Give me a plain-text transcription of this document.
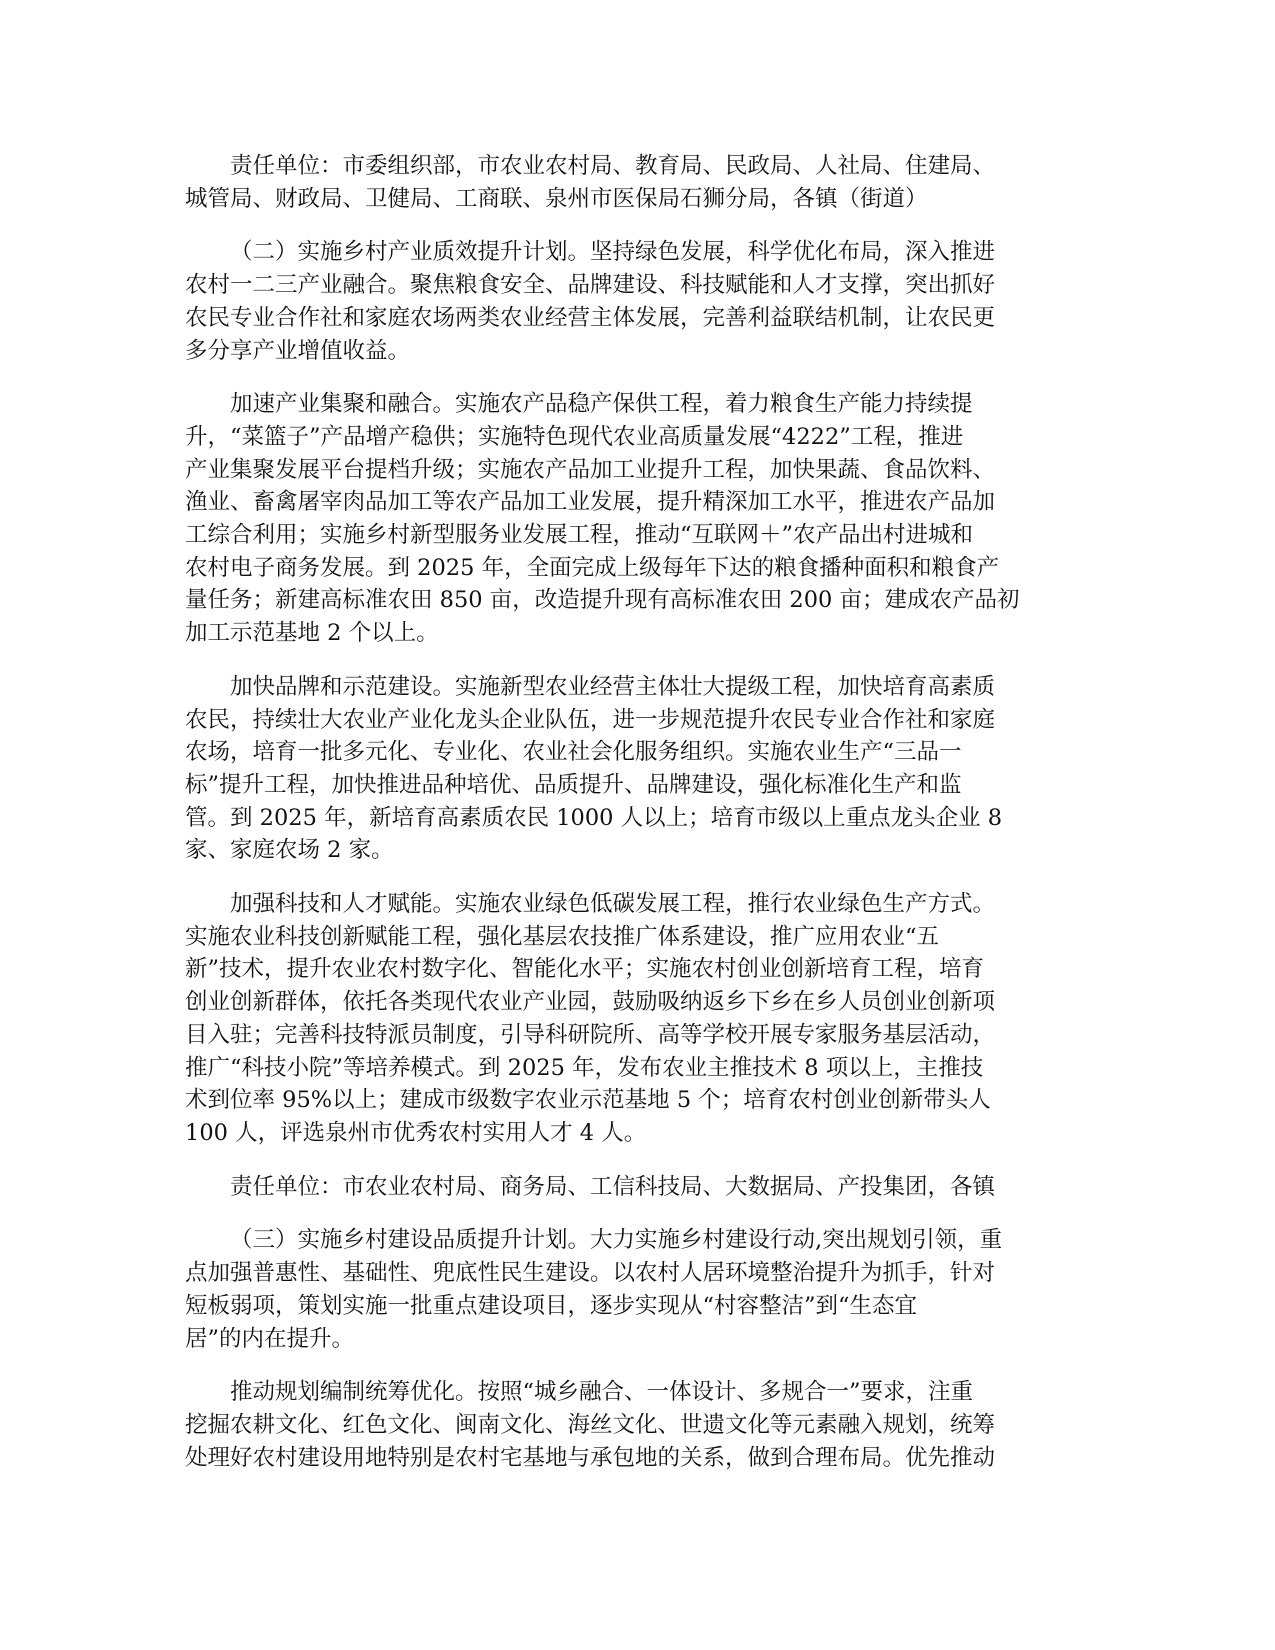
责任单位：市委组织部，市农业农村局、教育局、民政局、人社局、住建局、
城管局、财政局、卫健局、工商联、泉州市医保局石狮分局，各镇（街道）

（二）实施乡村产业质效提升计划。坚持绿色发展，科学优化布局，深入推进
农村一二三产业融合。聚焦粮食安全、品牌建设、科技赋能和人才支撑，突出抓好
农民专业合作社和家庭农场两类农业经营主体发展，完善利益联结机制，让农民更
多分享产业增值收益。

加速产业集聚和融合。实施农产品稳产保供工程，着力粮食生产能力持续提
升，“菜篮子”产品增产稳供；实施特色现代农业高质量发展“4222”工程，推进
产业集聚发展平台提档升级；实施农产品加工业提升工程，加快果蔬、食品饮料、
渔业、畜禽屠宰肉品加工等农产品加工业发展，提升精深加工水平，推进农产品加
工综合利用；实施乡村新型服务业发展工程，推动“互联网＋”农产品出村进城和
农村电子商务发展。到 2025 年，全面完成上级每年下达的粮食播种面积和粮食产
量任务；新建高标准农田 850 亩，改造提升现有高标准农田 200 亩；建成农产品初
加工示范基地 2 个以上。

加快品牌和示范建设。实施新型农业经营主体壮大提级工程，加快培育高素质
农民，持续壮大农业产业化龙头企业队伍，进一步规范提升农民专业合作社和家庭
农场，培育一批多元化、专业化、农业社会化服务组织。实施农业生产“三品一
标”提升工程，加快推进品种培优、品质提升、品牌建设，强化标准化生产和监
管。到 2025 年，新培育高素质农民 1000 人以上；培育市级以上重点龙头企业 8
家、家庭农场 2 家。

加强科技和人才赋能。实施农业绿色低碳发展工程，推行农业绿色生产方式。
实施农业科技创新赋能工程，强化基层农技推广体系建设，推广应用农业“五
新”技术，提升农业农村数字化、智能化水平；实施农村创业创新培育工程，培育
创业创新群体，依托各类现代农业产业园，鼓励吸纳返乡下乡在乡人员创业创新项
目入驻；完善科技特派员制度，引导科研院所、高等学校开展专家服务基层活动，
推广“科技小院”等培养模式。到 2025 年，发布农业主推技术 8 项以上，主推技
术到位率 95%以上；建成市级数字农业示范基地 5 个；培育农村创业创新带头人
100 人，评选泉州市优秀农村实用人才 4 人。

责任单位：市农业农村局、商务局、工信科技局、大数据局、产投集团，各镇

（三）实施乡村建设品质提升计划。大力实施乡村建设行动,突出规划引领，重
点加强普惠性、基础性、兜底性民生建设。以农村人居环境整治提升为抓手，针对
短板弱项，策划实施一批重点建设项目，逐步实现从“村容整洁”到“生态宜
居”的内在提升。

推动规划编制统筹优化。按照“城乡融合、一体设计、多规合一”要求，注重
挖掘农耕文化、红色文化、闽南文化、海丝文化、世遗文化等元素融入规划，统筹
处理好农村建设用地特别是农村宅基地与承包地的关系，做到合理布局。优先推动
